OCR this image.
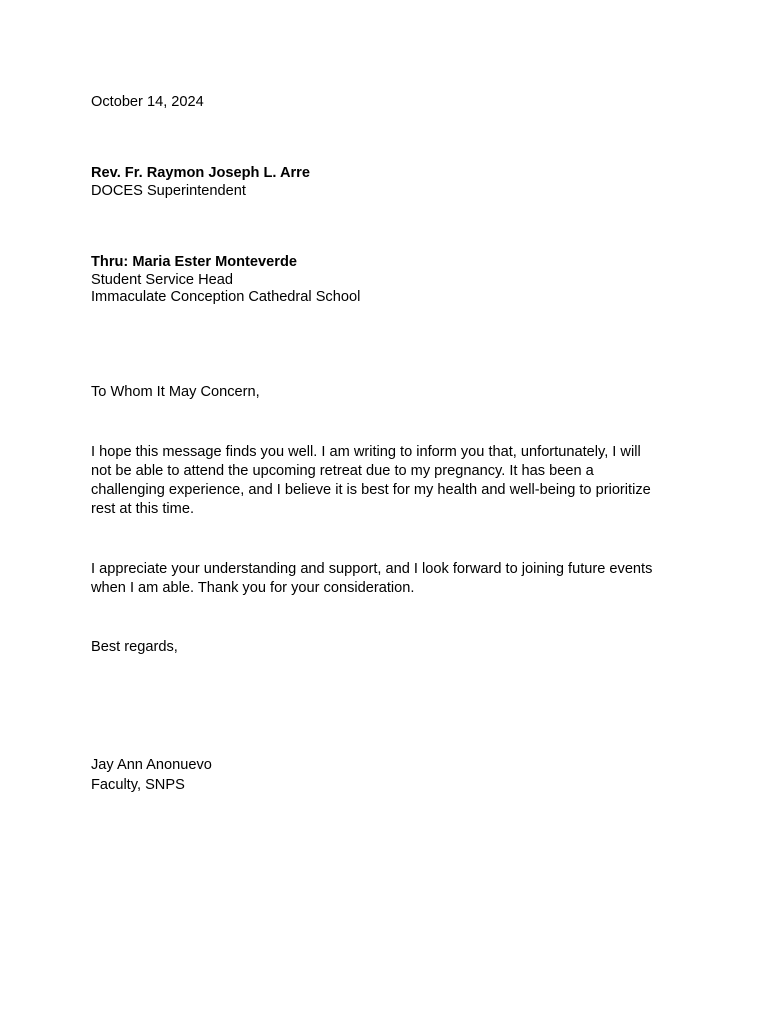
October 14, 2024
Rev. Fr. Raymon Joseph L. Arre
DOCES Superintendent
Thru: Maria Ester Monteverde
Student Service Head
Immaculate Conception Cathedral School
To Whom It May Concern,
I hope this message finds you well. I am writing to inform you that, unfortunately, I will
not be able to attend the upcoming retreat due to my pregnancy. It has been a
challenging experience, and I believe it is best for my health and well-being to prioritize
rest at this time.
I appreciate your understanding and support, and I look forward to joining future events
when I am able. Thank you for your consideration.
Best regards,
Jay Ann Anonuevo
Faculty, SNPS
